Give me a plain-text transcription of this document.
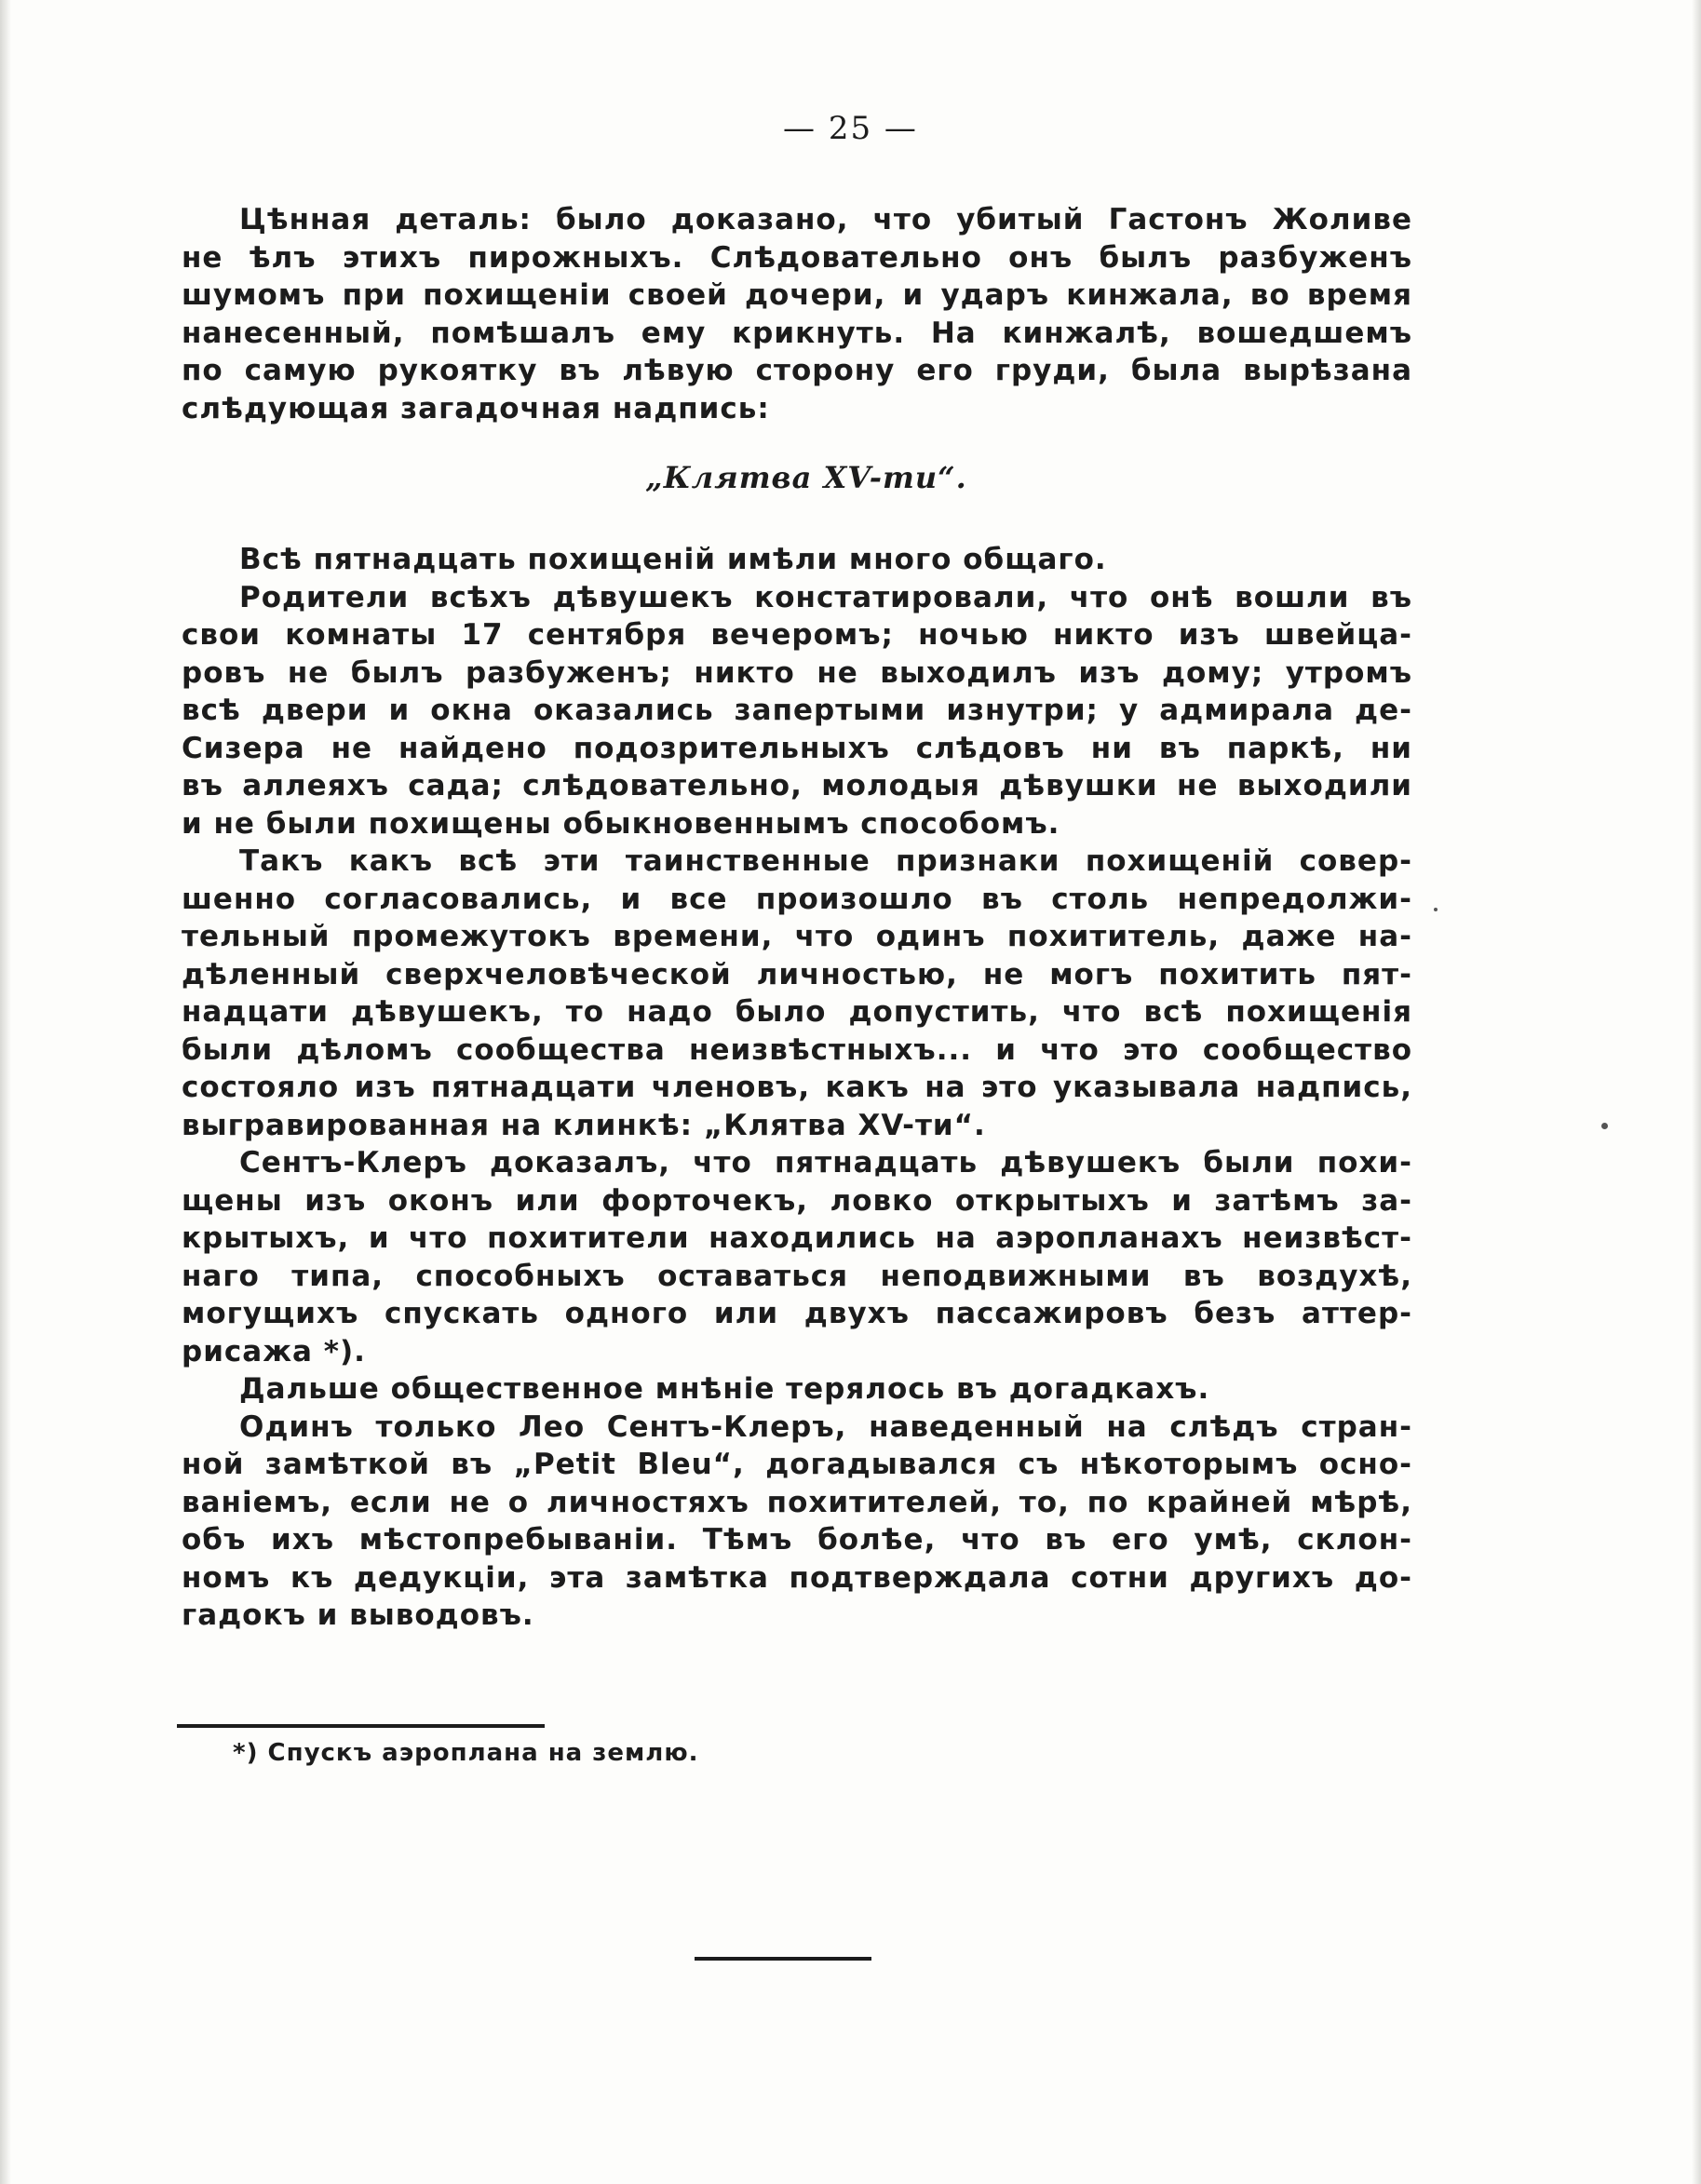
— 25 —
Цѣнная деталь: было доказано, что убитый Гастонъ Жоливе
не ѣлъ этихъ пирожныхъ. Слѣдовательно онъ былъ разбуженъ
шумомъ при похищенiи своей дочери, и ударъ кинжала, во время
нанесенный, помѣшалъ ему крикнуть. На кинжалѣ, вошедшемъ
по самую рукоятку въ лѣвую сторону его груди, была вырѣзана
слѣдующая загадочная надпись:
„Клятва XV-ти“.
Всѣ пятнадцать похищенiй имѣли много общаго.
Родители всѣхъ дѣвушекъ констатировали, что онѣ вошли въ
свои комнаты 17 сентября вечеромъ; ночью никто изъ швейца-
ровъ не былъ разбуженъ; никто не выходилъ изъ дому; утромъ
всѣ двери и окна оказались запертыми изнутри; у адмирала де-
Сизера не найдено подозрительныхъ слѣдовъ ни въ паркѣ, ни
въ аллеяхъ сада; слѣдовательно, молодыя дѣвушки не выходили
и не были похищены обыкновеннымъ способомъ.
Такъ какъ всѣ эти таинственные признаки похищенiй совер-
шенно согласовались, и все произошло въ столь непредолжи-
тельный промежутокъ времени, что одинъ похититель, даже на-
дѣленный сверхчеловѣческой личностью, не могъ похитить пят-
надцати дѣвушекъ, то надо было допустить, что всѣ похищенiя
были дѣломъ сообщества неизвѣстныхъ... и что это сообщество
состояло изъ пятнадцати членовъ, какъ на это указывала надпись,
выгравированная на клинкѣ: „Клятва XV-ти“.
Сентъ-Клеръ доказалъ, что пятнадцать дѣвушекъ были похи-
щены изъ оконъ или форточекъ, ловко открытыхъ и затѣмъ за-
крытыхъ, и что похитители находились на аэропланахъ неизвѣст-
наго типа, способныхъ оставаться неподвижными въ воздухѣ,
могущихъ спускать одного или двухъ пассажировъ безъ аттер-
рисажа *).
Дальше общественное мнѣнiе терялось въ догадкахъ.
Одинъ только Лео Сентъ-Клеръ, наведенный на слѣдъ стран-
ной замѣткой въ „Petit Bleu“, догадывался съ нѣкоторымъ осно-
ванiемъ, если не о личностяхъ похитителей, то, по крайней мѣрѣ,
объ ихъ мѣстопребыванiи. Тѣмъ болѣе, что въ его умѣ, склон-
номъ къ дедукцiи, эта замѣтка подтверждала сотни другихъ до-
гадокъ и выводовъ.
*) Спускъ аэроплана на землю.
